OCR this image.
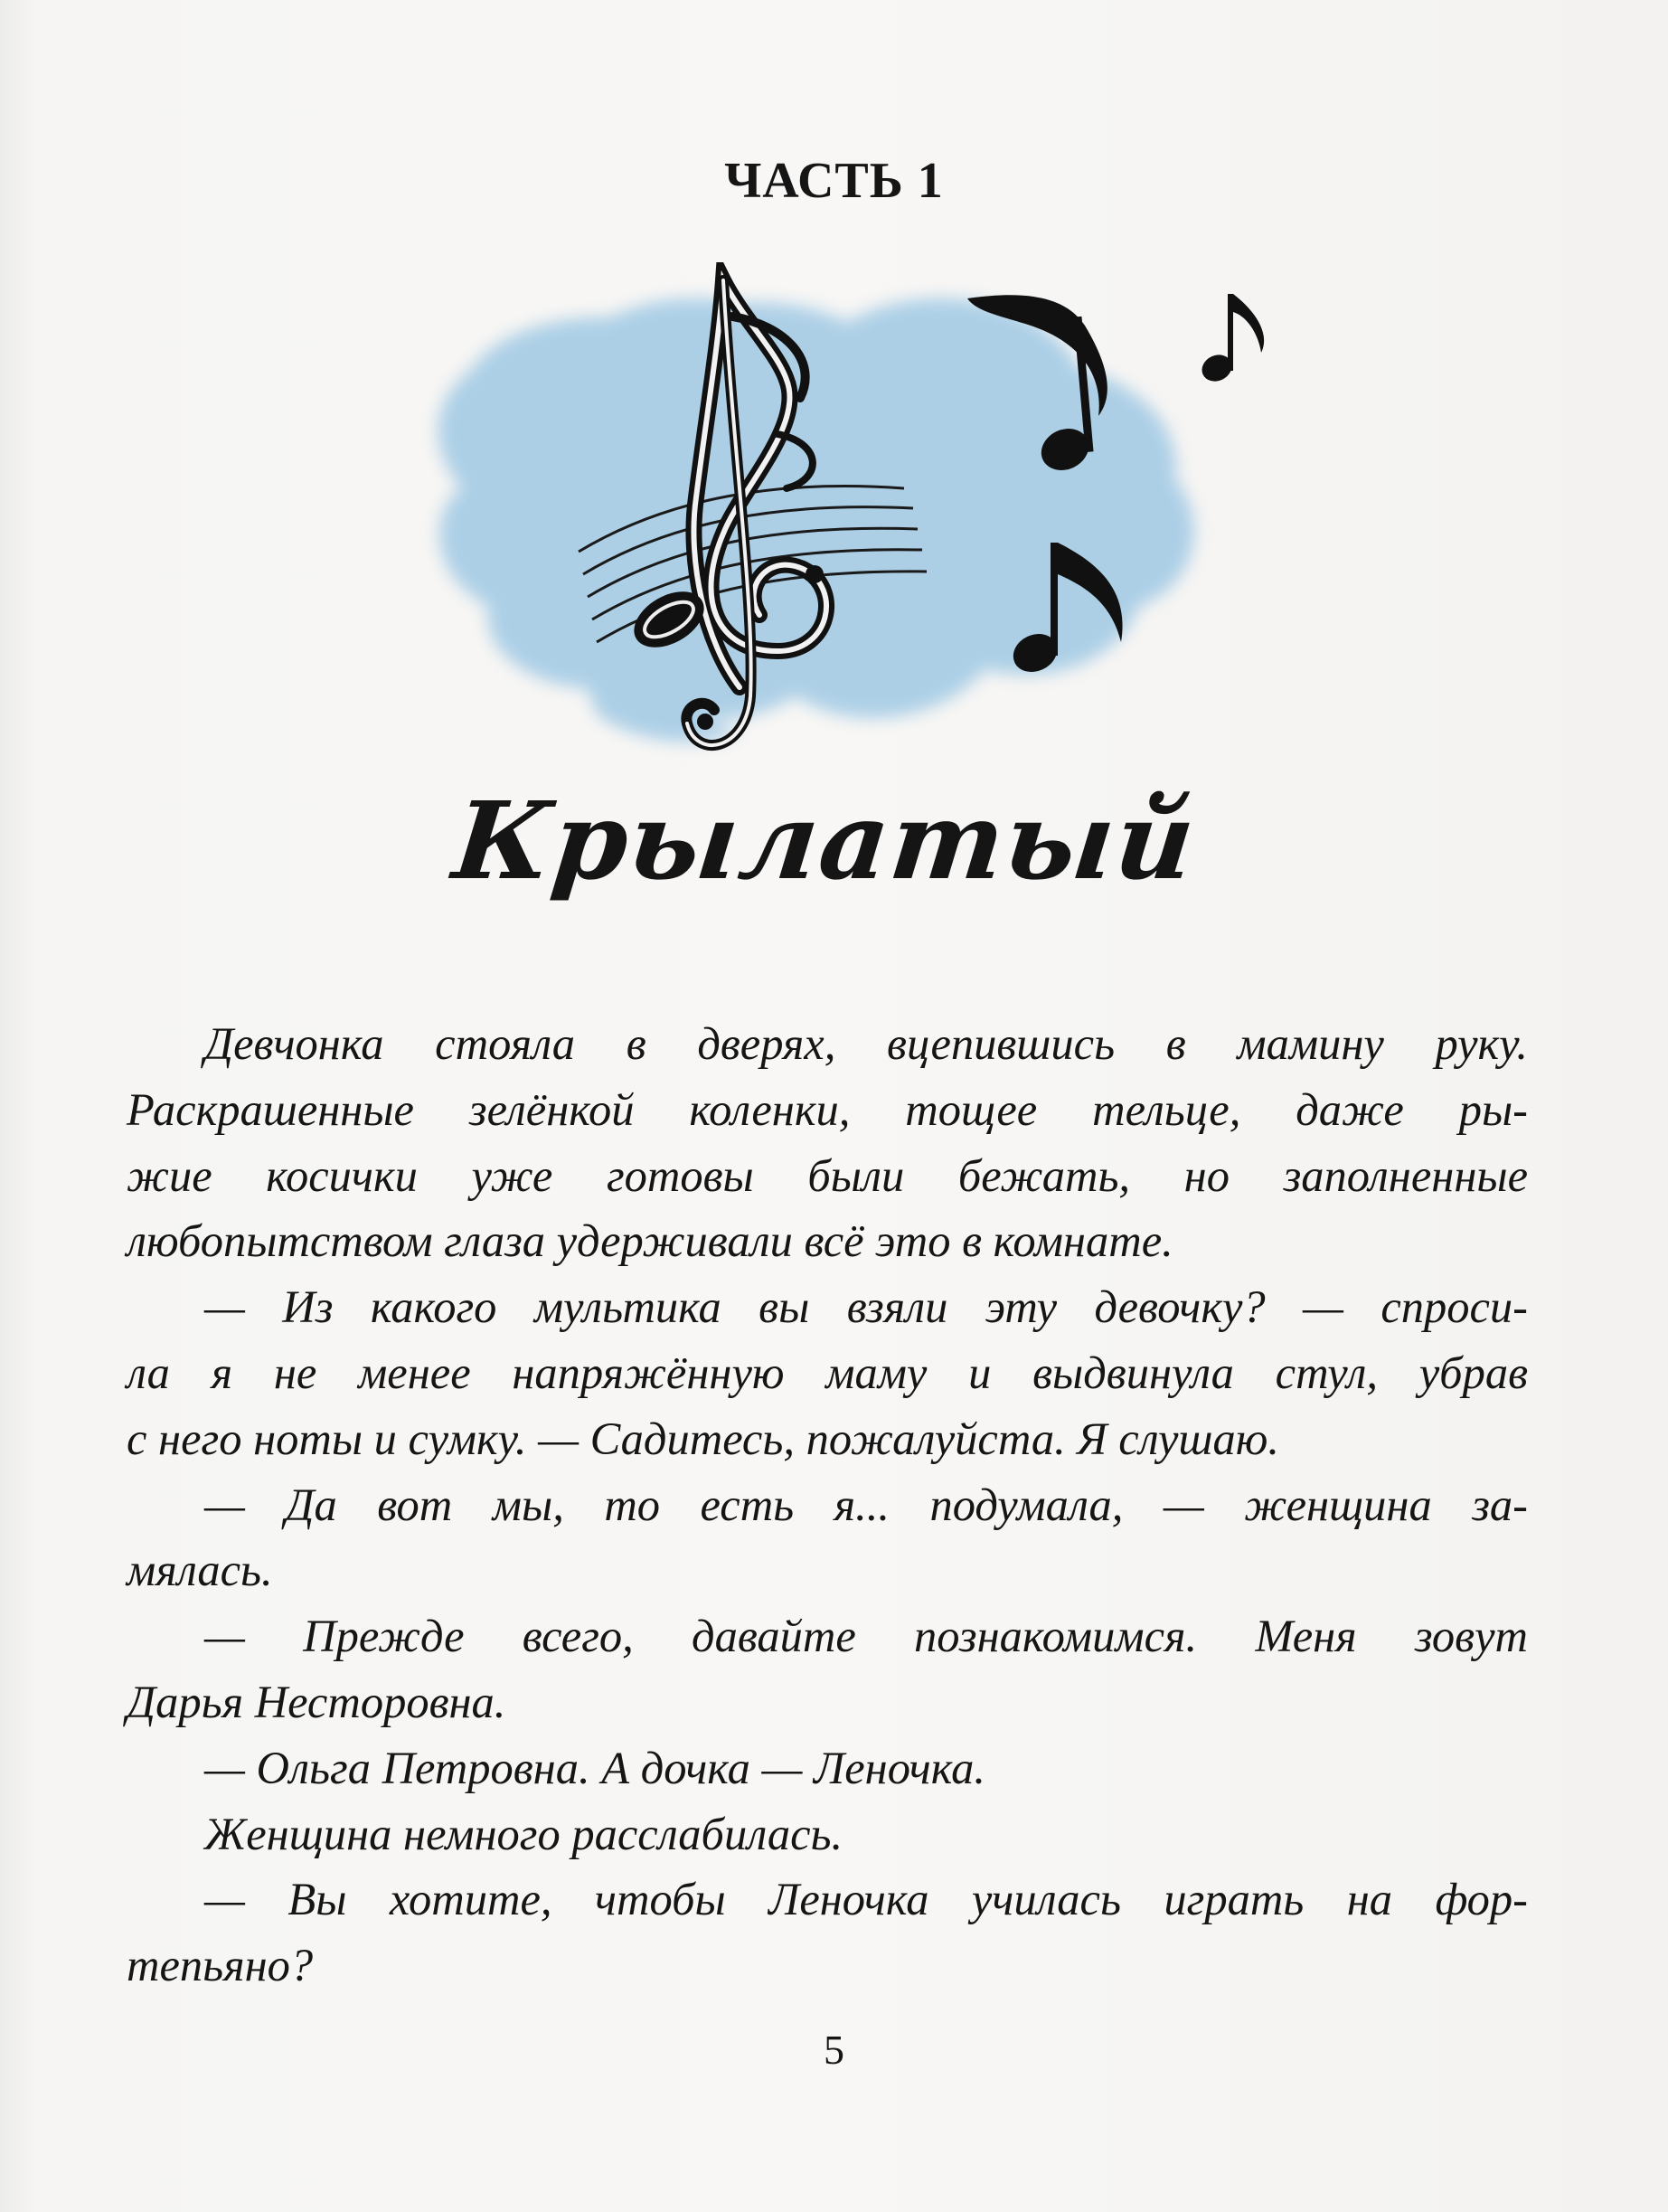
ЧАСТЬ 1
Крылатый
Девчонка стояла в дверях, вцепившись в мамину руку.
Раскрашенные зелёнкой коленки, тощее тельце, даже ры-
жие косички уже готовы были бежать, но заполненные
любопытством глаза удерживали всё это в комнате.
— Из какого мультика вы взяли эту девочку? — спроси-
ла я не менее напряжённую маму и выдвинула стул, убрав
с него ноты и сумку. — Садитесь, пожалуйста. Я слушаю.
— Да вот мы, то есть я... подумала, — женщина за-
мялась.
— Прежде всего, давайте познакомимся. Меня зовут
Дарья Несторовна.
— Ольга Петровна. А дочка — Леночка.
Женщина немного расслабилась.
— Вы хотите, чтобы Леночка училась играть на фор-
тепьяно?
5
